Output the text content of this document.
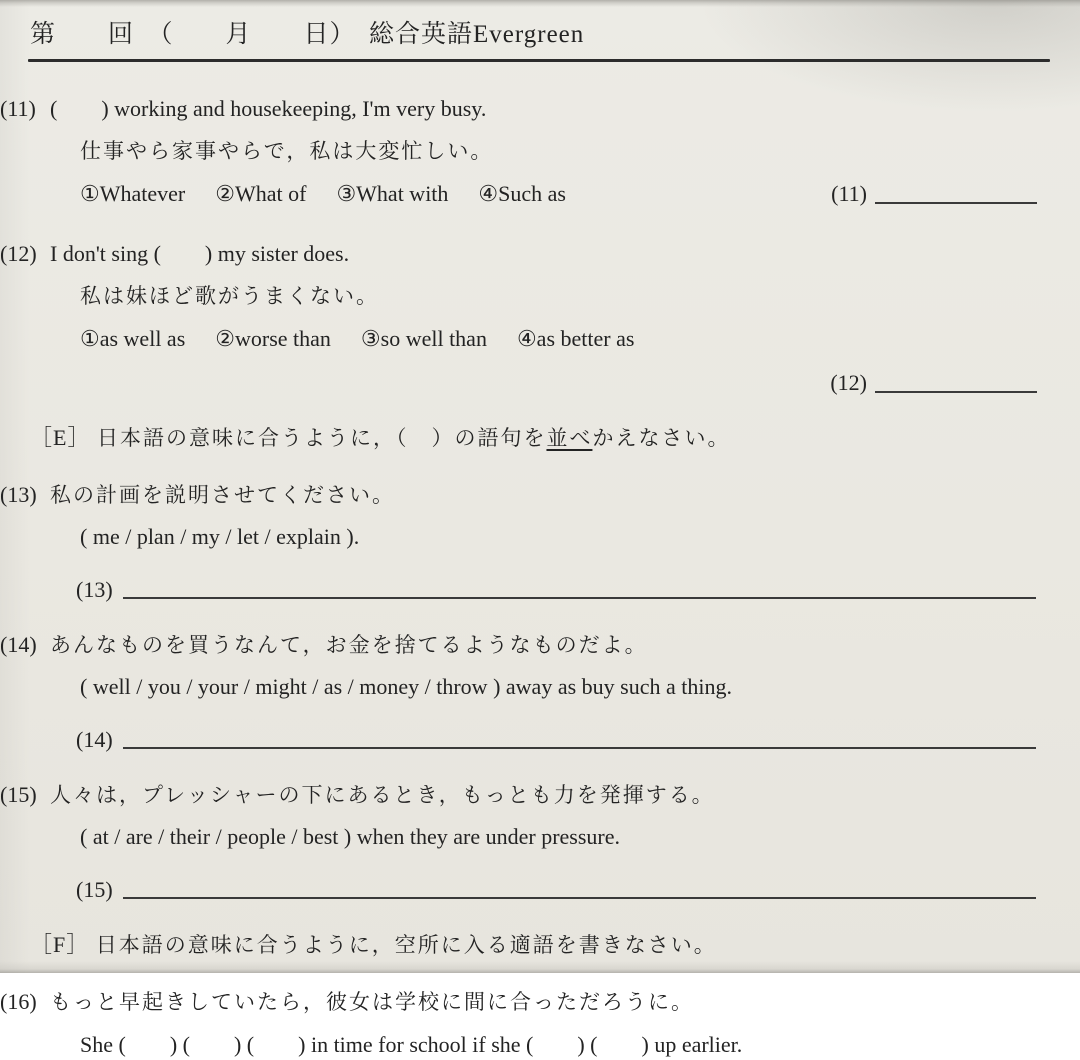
第　　回　（　　月　　日）　総合英語Evergreen
(11) (        ) working and housekeeping, I'm very busy.
仕事やら家事やらで，私は大変忙しい。
①Whatever ②What of ③What with ④Such as	(11)
(12) I don't sing (        ) my sister does.
私は妹ほど歌がうまくない。
①as well as ②worse than ③so well than ④as better as
(12)
［E］ 日本語の意味に合うように，（　）の語句を並べかえなさい。
(13) 私の計画を説明させてください。
( me / plan / my / let / explain ).
(13)
(14) あんなものを買うなんて，お金を捨てるようなものだよ。
( well / you / your / might / as / money / throw ) away as buy such a thing.
(14)
(15) 人々は，プレッシャーの下にあるとき，もっとも力を発揮する。
( at / are / their / people / best ) when they are under pressure.
(15)
［F］ 日本語の意味に合うように，空所に入る適語を書きなさい。
(16) もっと早起きしていたら，彼女は学校に間に合っただろうに。
She (　　) (　　) (　　) in time for school if she (　　) (　　) up earlier.
